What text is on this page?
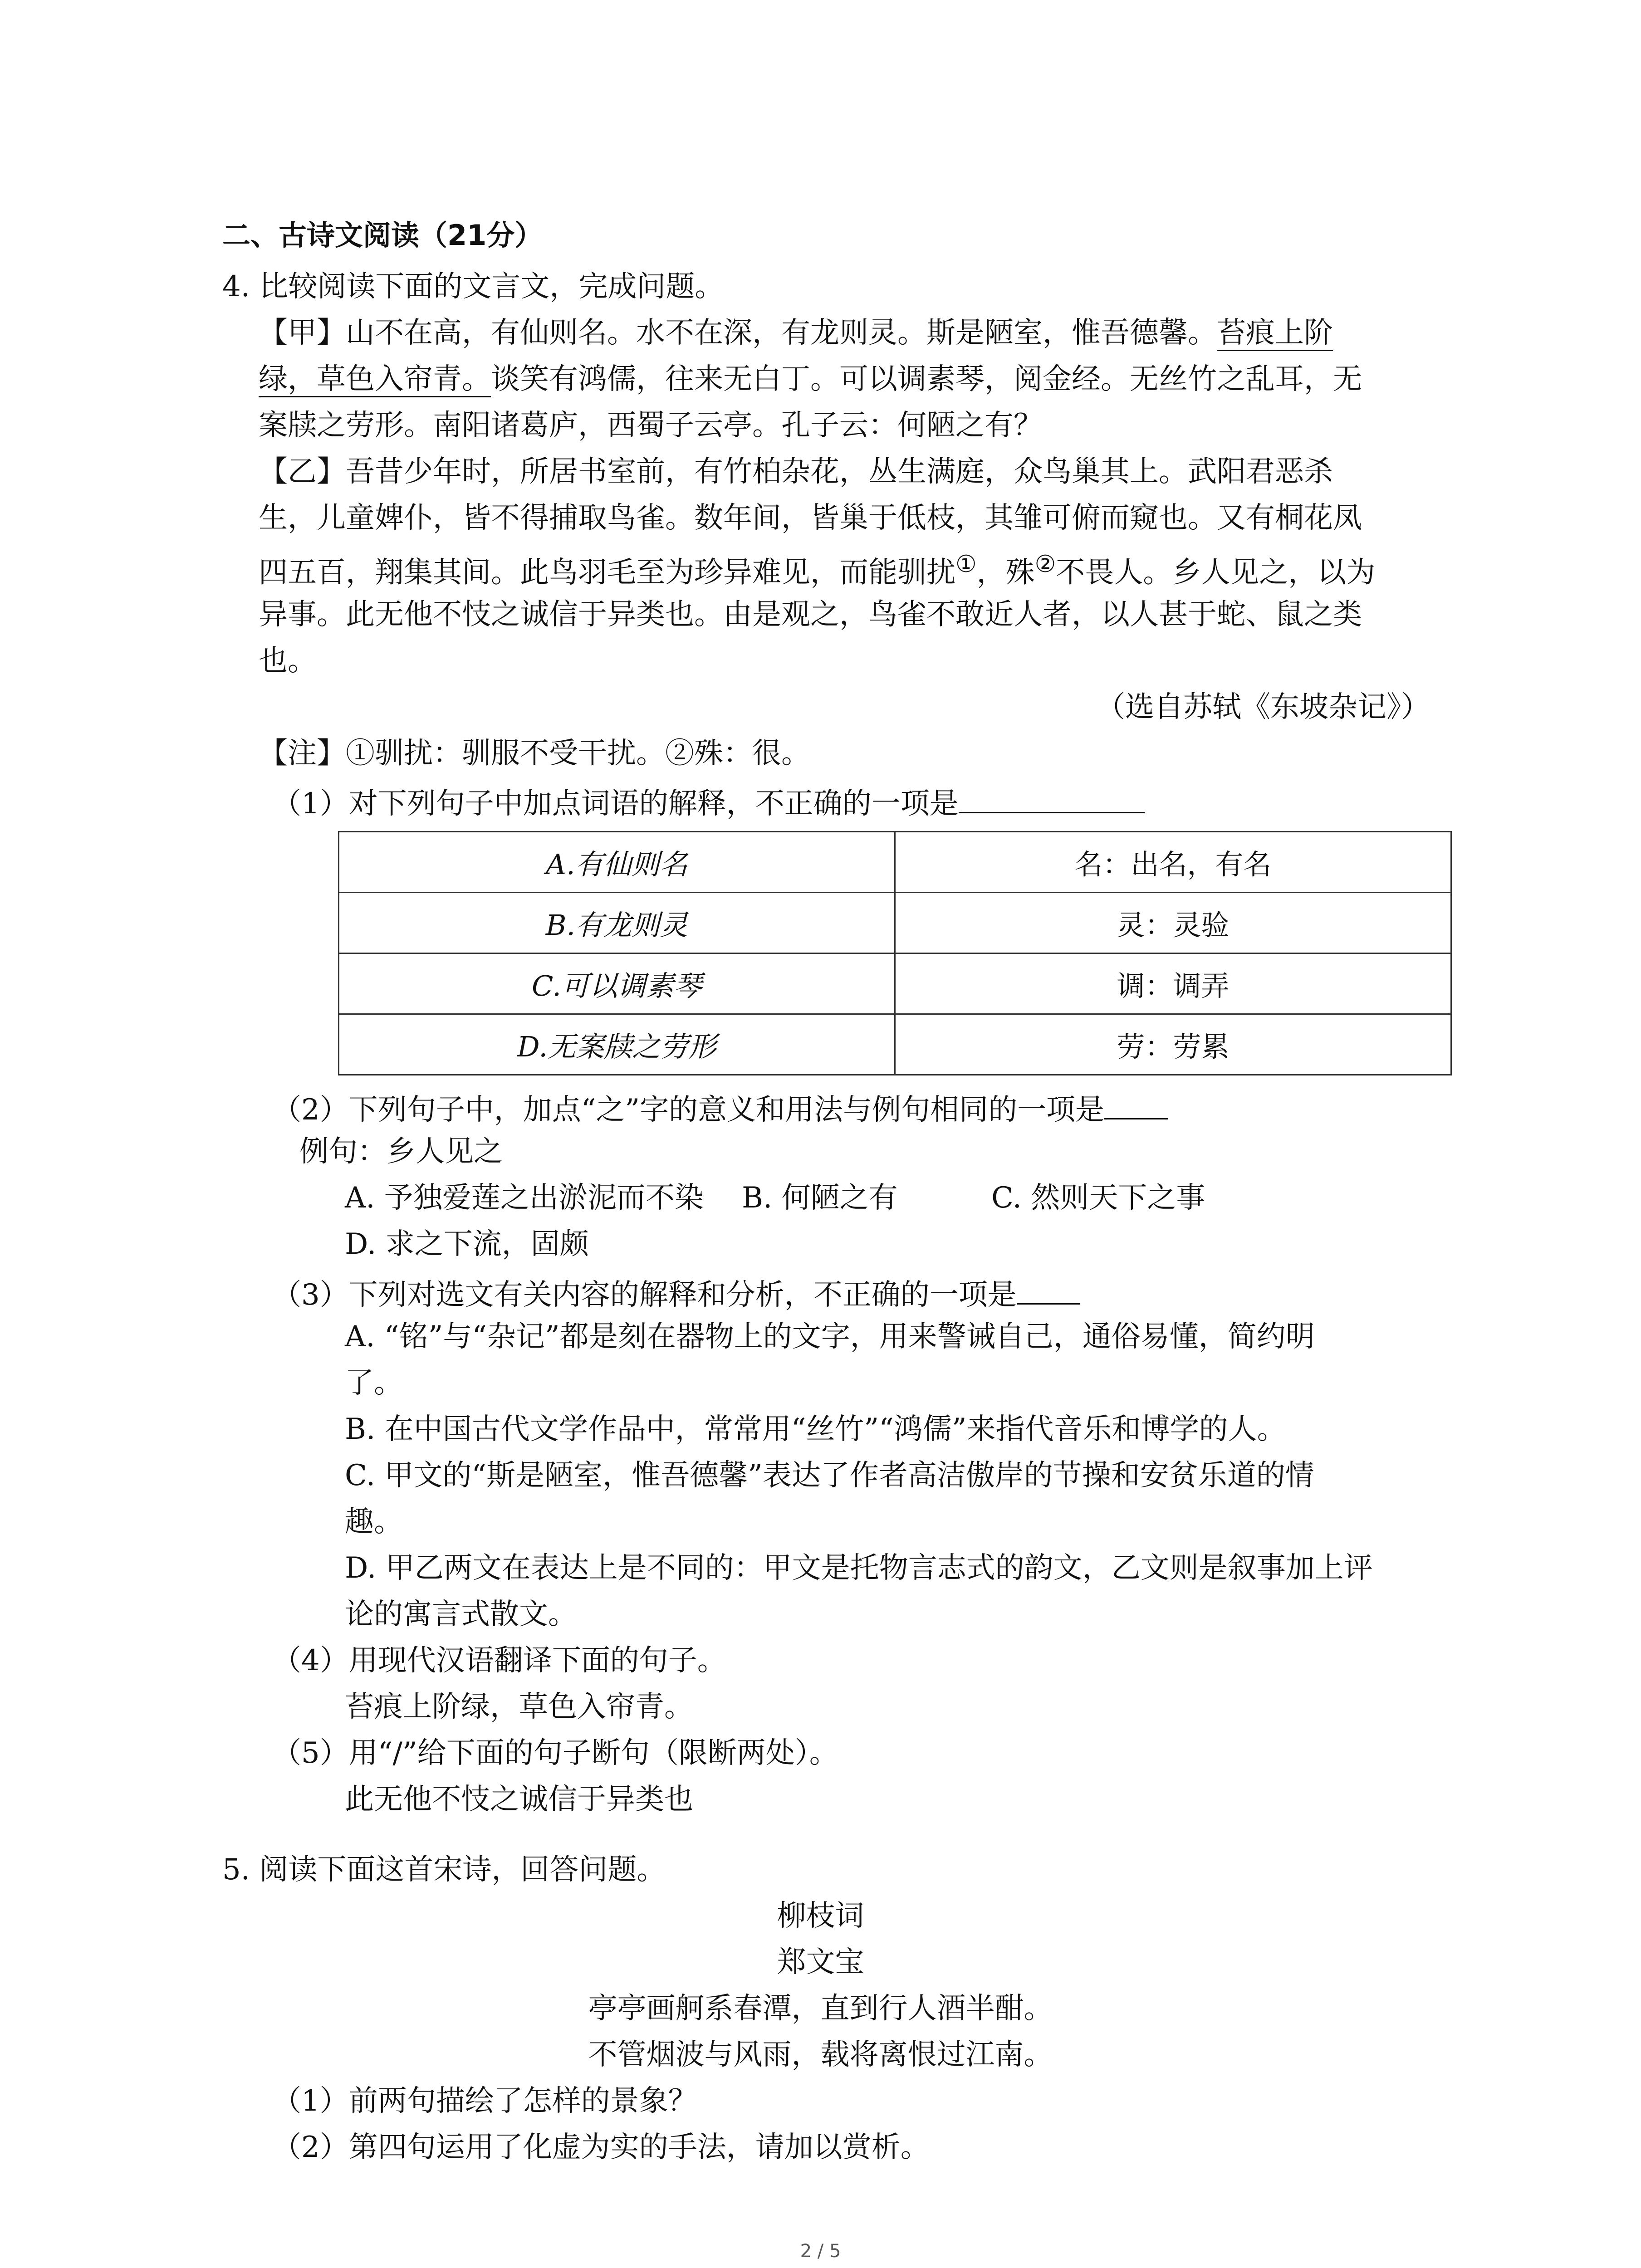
二、古诗文阅读（21分）
4. 比较阅读下面的文言文，完成问题。
【甲】山不在高，有仙则名。水不在深，有龙则灵。斯是陋室，惟吾德馨。苔痕上阶
绿，草色入帘青。谈笑有鸿儒，往来无白丁。可以调素琴，阅金经。无丝竹之乱耳，无
案牍之劳形。南阳诸葛庐，西蜀子云亭。孔子云：何陋之有？
【乙】吾昔少年时，所居书室前，有竹柏杂花，丛生满庭，众鸟巢其上。武阳君恶杀
生，儿童婢仆，皆不得捕取鸟雀。数年间，皆巢于低枝，其雏可俯而窥也。又有桐花凤
四五百，翔集其间。此鸟羽毛至为珍异难见，而能驯扰①，殊②不畏人。乡人见之，以为
异事。此无他不忮之诚信于异类也。由是观之，鸟雀不敢近人者，以人甚于蛇、鼠之类
也。
（选自苏轼《东坡杂记》）
【注】①驯扰：驯服不受干扰。②殊：很。
（1）对下列句子中加点词语的解释，不正确的一项是
A.有仙则名	名：出名，有名
B.有龙则灵	灵：灵验
C.可以调素琴	调：调弄
D.无案牍之劳形	劳：劳累
（2）下列句子中，加点“之”字的意义和用法与例句相同的一项是
例句：乡人见之
A. 予独爱莲之出淤泥而不染 B. 何陋之有	C. 然则天下之事
D. 求之下流，固颇
（3）下列对选文有关内容的解释和分析，不正确的一项是
A. “铭”与“杂记”都是刻在器物上的文字，用来警诫自己，通俗易懂，简约明
了。
B. 在中国古代文学作品中，常常用“丝竹”“鸿儒”来指代音乐和博学的人。
C. 甲文的“斯是陋室，惟吾德馨”表达了作者高洁傲岸的节操和安贫乐道的情
趣。
D. 甲乙两文在表达上是不同的：甲文是托物言志式的韵文，乙文则是叙事加上评
论的寓言式散文。
（4）用现代汉语翻译下面的句子。
苔痕上阶绿，草色入帘青。
（5）用“/”给下面的句子断句（限断两处）。
此无他不忮之诚信于异类也
5. 阅读下面这首宋诗，回答问题。
柳枝词
郑文宝
亭亭画舸系春潭，直到行人酒半酣。
不管烟波与风雨，载将离恨过江南。
（1）前两句描绘了怎样的景象？
（2）第四句运用了化虚为实的手法，请加以赏析。
2 / 5
